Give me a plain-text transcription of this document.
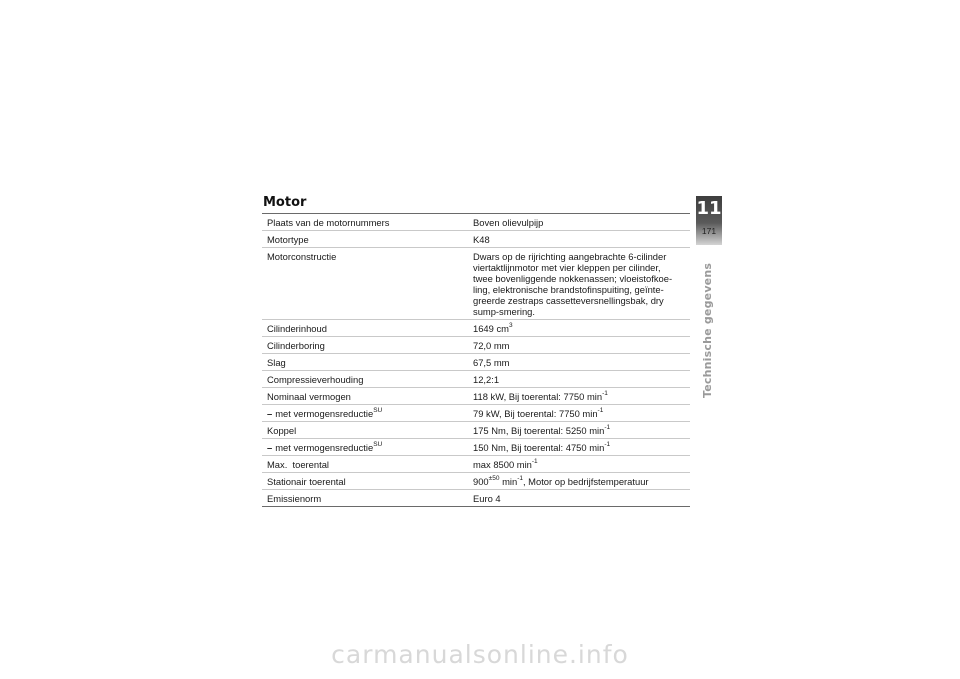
Motor
Plaats van de motornummers	Boven olievulpijp
Motortype	K48
Motorconstructie	Dwars op de rijrichting aangebrachte 6-cilinder viertaktlijnmotor met vier kleppen per cilinder, twee bovenliggende nokkenassen; vloeistofkoe-ling, elektronische brandstofinspuiting, geïnte-greerde zestraps cassetteversnellingsbak, dry sump-smering.
Cilinderinhoud	1649 $cm^3$
Cilinderboring	72,0 mm
Slag	67,5 mm
Compressieverhouding	12,2:1
Nominaal vermogen	118 kW, Bij toerental: 7750 $\min^{-1}$
– met vermogensreductie$^{SU}$	79 kW, Bij toerental: 7750 $\min^{-1}$
Koppel	175 Nm, Bij toerental: 5250 $\min^{-1}$
– met vermogensreductie$^{SU}$	150 Nm, Bij toerental: 4750 $\min^{-1}$
Max.  toerental	max 8500 $\min^{-1}$
Stationair toerental	$900^{\pm 50}$ $\min^{-1}$, Motor op bedrijfstemperatuur
Emissienorm	Euro 4
11
171
Technische gegevens
carmanualsonline.info
